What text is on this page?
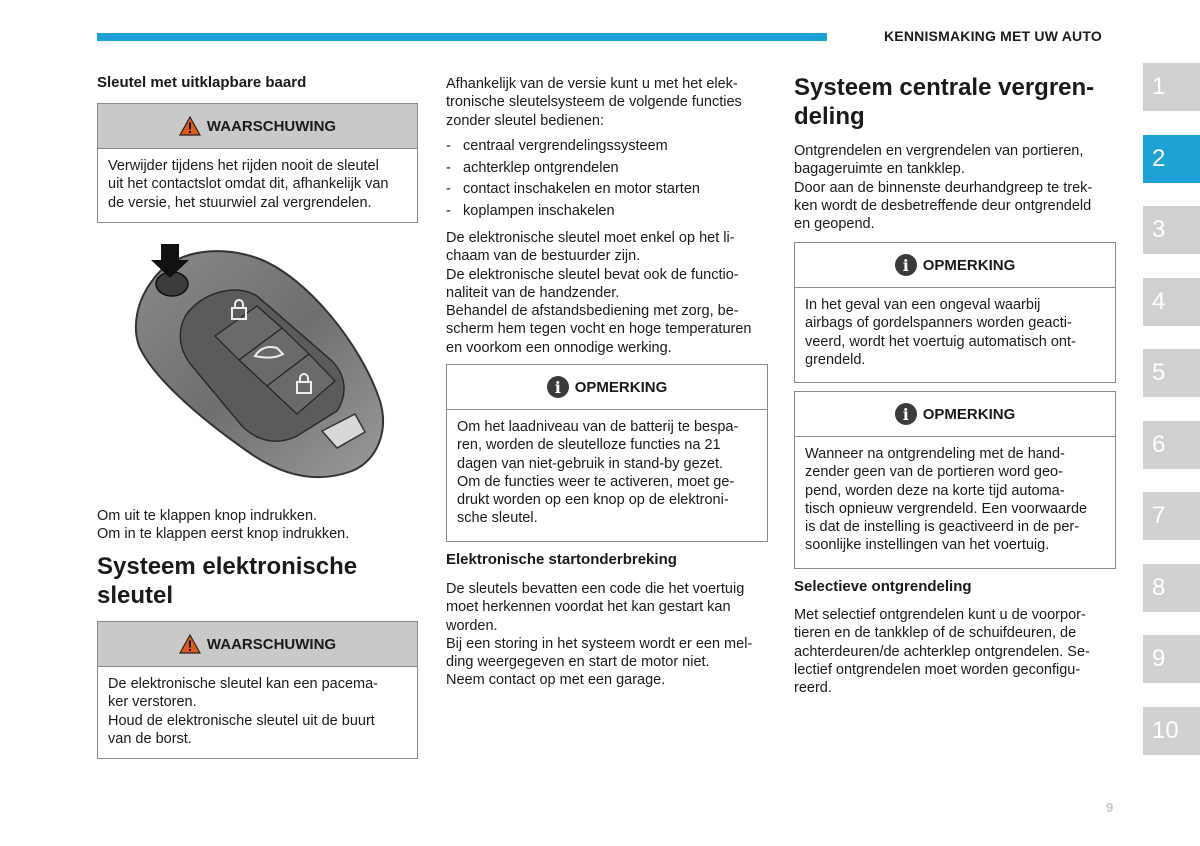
KENNISMAKING MET UW AUTO
Sleutel met uitklapbare baard
WAARSCHUWING
Verwijder tijdens het rijden nooit de sleutel
uit het contactslot omdat dit, afhankelijk van
de versie, het stuurwiel zal vergrendelen.

Om uit te klappen knop indrukken.

Om in te klappen eerst knop indrukken.

Systeem elektronische
sleutel
WAARSCHUWING
De elektronische sleutel kan een pacema-
ker verstoren.
Houd de elektronische sleutel uit de buurt
van de borst.

Afhankelijk van de versie kunt u met het elek-

tronische sleutelsysteem de volgende functies

zonder sleutel bedienen:

- centraal vergrendelingssysteem
- achterklep ontgrendelen
- contact inschakelen en motor starten
- koplampen inschakelen

De elektronische sleutel moet enkel op het li-

chaam van de bestuurder zijn.

De elektronische sleutel bevat ook de functio-

naliteit van de handzender.

Behandel de afstandsbediening met zorg, be-

scherm hem tegen vocht en hoge temperaturen

en voorkom een onnodige werking.

i OPMERKING
Om het laadniveau van de batterij te bespa-
ren, worden de sleutelloze functies na 21
dagen van niet-gebruik in stand-by gezet.
Om de functies weer te activeren, moet ge-
drukt worden op een knop op de elektroni-
sche sleutel.
Elektronische startonderbreking

De sleutels bevatten een code die het voertuig

moet herkennen voordat het kan gestart kan

worden.

Bij een storing in het systeem wordt er een mel-

ding weergegeven en start de motor niet.

Neem contact op met een garage.

Systeem centrale vergren-
deling

Ontgrendelen en vergrendelen van portieren,

bagageruimte en tankklep.

Door aan de binnenste deurhandgreep te trek-

ken wordt de desbetreffende deur ontgrendeld

en geopend.

i OPMERKING
In het geval van een ongeval waarbij
airbags of gordelspanners worden geacti-
veerd, wordt het voertuig automatisch ont-
grendeld.
i OPMERKING
Wanneer na ontgrendeling met de hand-
zender geen van de portieren word geo-
pend, worden deze na korte tijd automa-
tisch opnieuw vergrendeld. Een voorwaarde
is dat de instelling is geactiveerd in de per-
soonlijke instellingen van het voertuig.
Selectieve ontgrendeling

Met selectief ontgrendelen kunt u de voorpor-

tieren en de tankklep of de schuifdeuren, de

achterdeuren/de achterklep ontgrendelen. Se-

lectief ontgrendelen moet worden geconfigu-

reerd.

1
2
3
4
5
6
7
8
9
10
9
